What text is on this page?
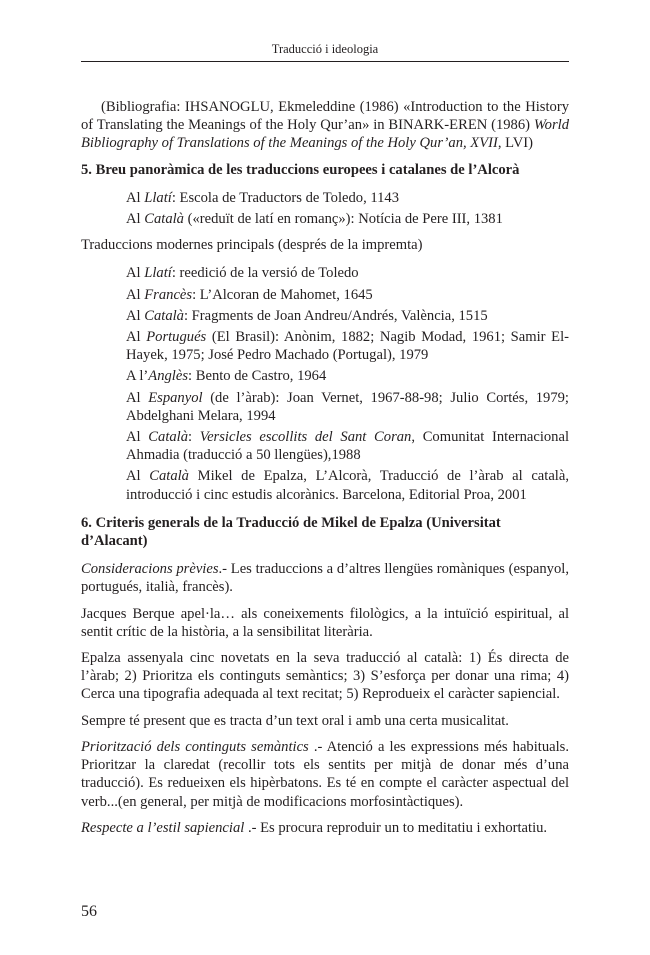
Traducció i ideologia

(Bibliografia: IHSANOGLU, Ekmeleddine (1986) «Introduction to the History of Translating the Meanings of the Holy Qur’an» in BINARK-EREN (1986) World Bibliography of Translations of the Meanings of the Holy Qur’an, XVII, LVI)

5. Breu panoràmica de les traduccions europees i catalanes de l’Alcorà

Al Llatí: Escola de Traductors de Toledo, 1143

Al Català («reduït de latí en romanç»): Notícia de Pere III, 1381

Traduccions modernes principals (després de la impremta)

Al Llatí: reedició de la versió de Toledo

Al Francès: L’Alcoran de Mahomet, 1645

Al Català: Fragments de Joan Andreu/Andrés, València, 1515

Al Portugués (El Brasil): Anònim, 1882; Nagib Modad, 1961; Samir El-Hayek, 1975; José Pedro Machado (Portugal), 1979

A l’Anglès: Bento de Castro, 1964

Al Espanyol (de l’àrab): Joan Vernet, 1967-88-98; Julio Cortés, 1979; Abdelghani Melara, 1994

Al Català: Versicles escollits del Sant Coran, Comunitat Internacional Ahmadia (traducció a 50 llengües),1988

Al Català Mikel de Epalza, L’Alcorà, Traducció de l’àrab al català, introducció i cinc estudis alcorànics. Barcelona, Editorial Proa, 2001

6. Criteris generals de la Traducció de Mikel de Epalza (Universitat d’Alacant)

Consideracions prèvies.- Les traduccions a d’altres llengües romàniques (espanyol, portugués, italià, francès).

Jacques Berque apel·la… als coneixements filològics, a la intuïció espiritual, al sentit crític de la història, a la sensibilitat literària.

Epalza assenyala cinc novetats en la seva traducció al català: 1) És directa de l’àrab; 2) Prioritza els continguts semàntics; 3) S’esforça per donar una rima; 4) Cerca una tipografia adequada al text recitat; 5) Reprodueix el caràcter sapiencial.

Sempre té present que es tracta d’un text oral i amb una certa musicalitat.

Priorització dels continguts semàntics .- Atenció a les expressions més habituals. Prioritzar la claredat (recollir tots els sentits per mitjà de donar més d’una traducció). Es redueixen els hipèrbatons. Es té en compte el caràcter aspectual del verb...(en general, per mitjà de modificacions morfosintàctiques).

Respecte a l’estil sapiencial .- Es procura reproduir un to meditatiu i exhortatiu.

56
